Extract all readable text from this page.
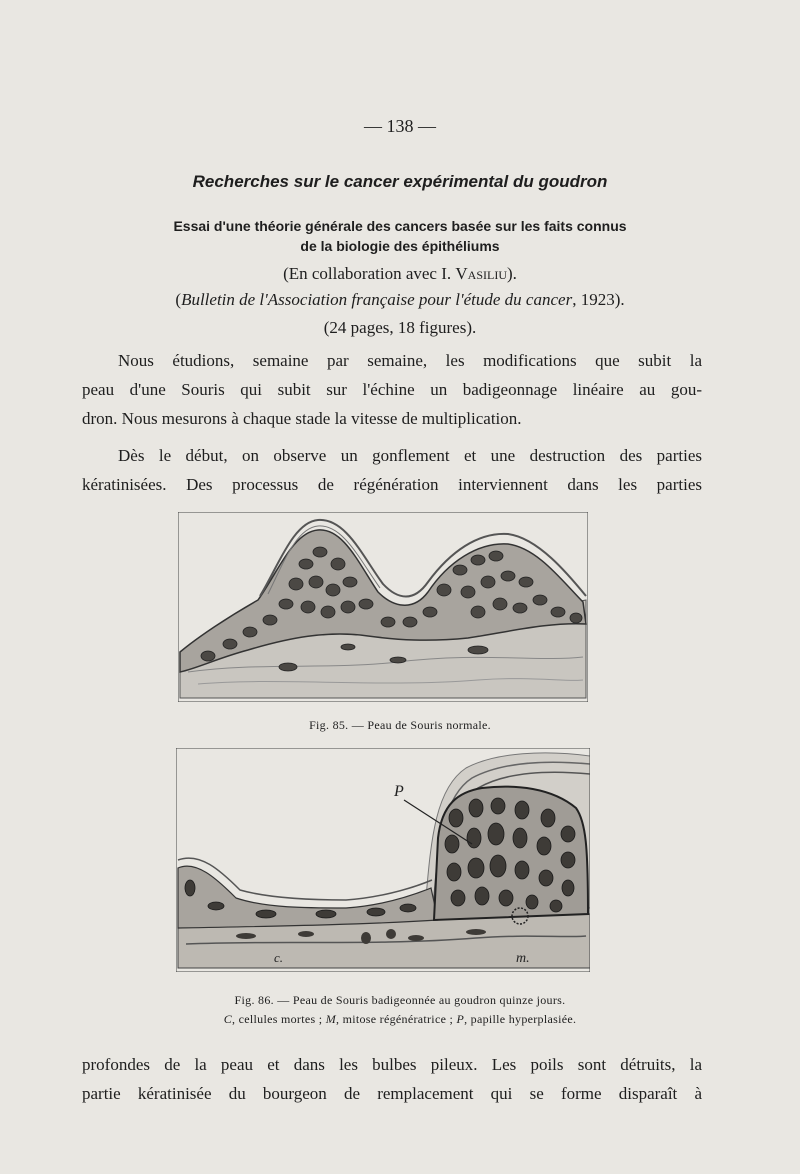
— 138 —
Recherches sur le cancer expérimental du goudron
Essai d'une théorie générale des cancers basée sur les faits connus
de la biologie des épithéliums
(En collaboration avec I. Vasiliu).
(Bulletin de l'Association française pour l'étude du cancer, 1923).
(24 pages, 18 figures).
Nous étudions, semaine par semaine, les modifications que subit la
peau d'une Souris qui subit sur l'échine un badigeonnage linéaire au gou-
dron. Nous mesurons à chaque stade la vitesse de multiplication.
Dès le début, on observe un gonflement et une destruction des parties
kératinisées. Des processus de régénération interviennent dans les parties
Fig. 85. — Peau de Souris normale.
P
c.	m.
Fig. 86. — Peau de Souris badigeonnée au goudron quinze jours.
C, cellules mortes ; M, mitose régénératrice ; P, papille hyperplasiée.
profondes de la peau et dans les bulbes pileux. Les poils sont détruits, la
partie kératinisée du bourgeon de remplacement qui se forme disparaît à
